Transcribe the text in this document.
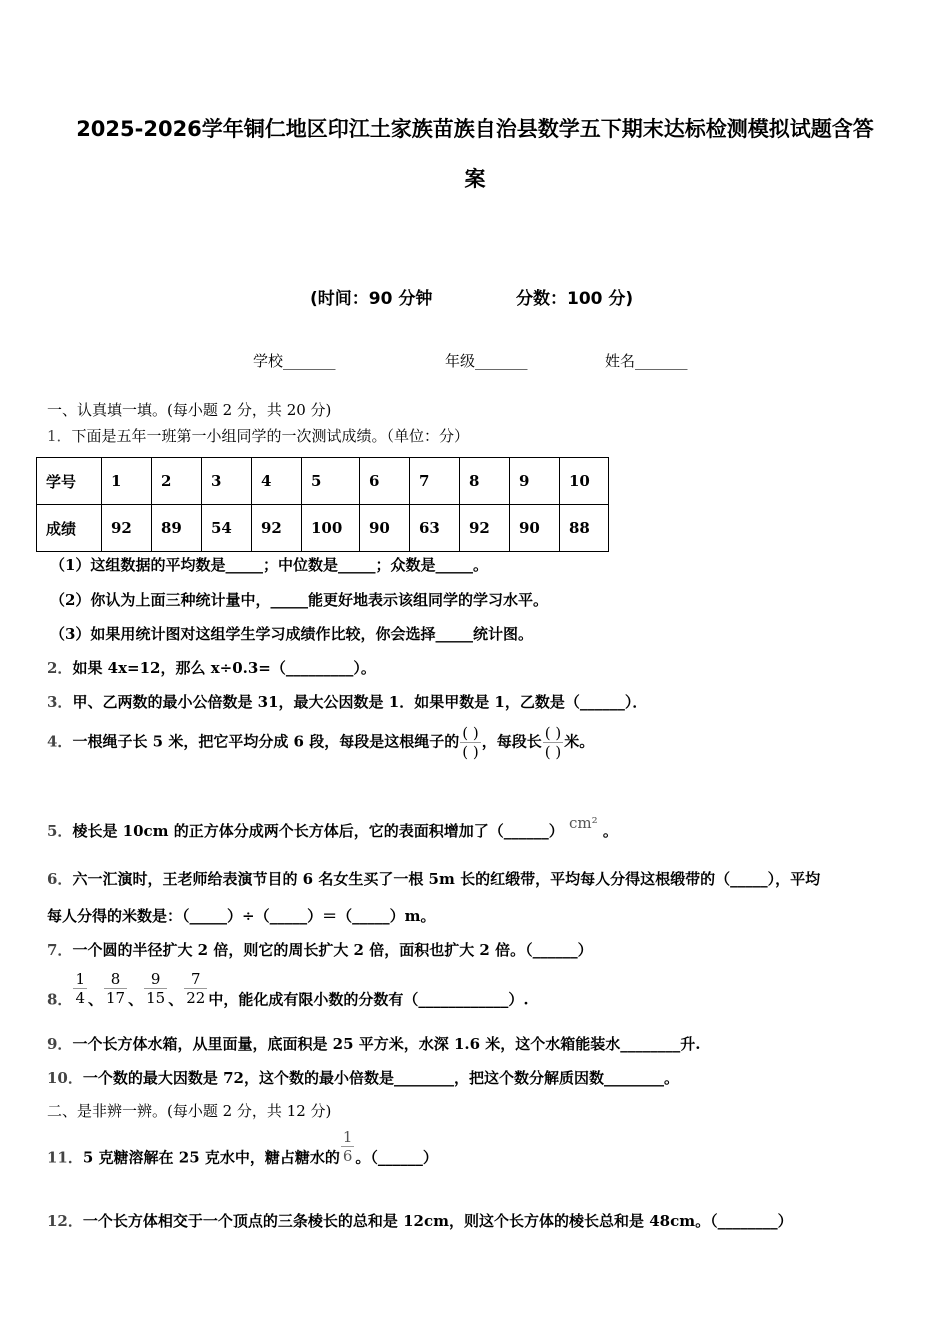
2025-2026学年铜仁地区印江土家族苗族自治县数学五下期末达标检测模拟试题含答
案
(时间：90 分钟	分数：100 分)
学校_______	年级_______	姓名_______
一、认真填一填。(每小题 2 分，共 20 分)
1．下面是五年一班第一小组同学的一次测试成绩。（单位：分）
学号	1	2	3	4	5	6	7	8	9	10
成绩	92	89	54	92	100	90	63	92	90	88
（1）这组数据的平均数是_____；中位数是_____；众数是_____。
（2）你认为上面三种统计量中，_____能更好地表示该组同学的学习水平。
（3）如果用统计图对这组学生学习成绩作比较，你会选择_____统计图。
2．如果 4x=12，那么 x÷0.3=（_________）。
3．甲、乙两数的最小公倍数是 31，最大公因数是 1．如果甲数是 1，乙数是（______）．
4．一根绳子长 5 米，把它平均分成 6 段，每段是这根绳子的 $\frac{( )}{( )}$ ，每段长 $\frac{( )}{( )}$ 米。
5．棱长是 10cm 的正方体分成两个长方体后，它的表面积增加了（______） cm² 。
6．六一汇演时，王老师给表演节目的 6 名女生买了一根 5m 长的红缎带，平均每人分得这根缎带的（_____），平均
每人分得的米数是：（_____）÷（_____）＝（_____）m。
7．一个圆的半径扩大 2 倍，则它的周长扩大 2 倍，面积也扩大 2 倍。（______）
8． $\frac{1}{4}$ 、 $\frac{8}{17}$ 、 $\frac{9}{15}$ 、 $\frac{7}{22}$ 中，能化成有限小数的分数有（____________）.
9．一个长方体水箱，从里面量，底面积是 25 平方米，水深 1.6 米，这个水箱能装水________升.
10．一个数的最大因数是 72，这个数的最小倍数是________，把这个数分解质因数________。
二、是非辨一辨。(每小题 2 分，共 12 分)
11．5 克糖溶解在 25 克水中，糖占糖水的 $\frac{1}{6}$ 。（______）
12．一个长方体相交于一个顶点的三条棱长的总和是 12cm，则这个长方体的棱长总和是 48cm。（________）
